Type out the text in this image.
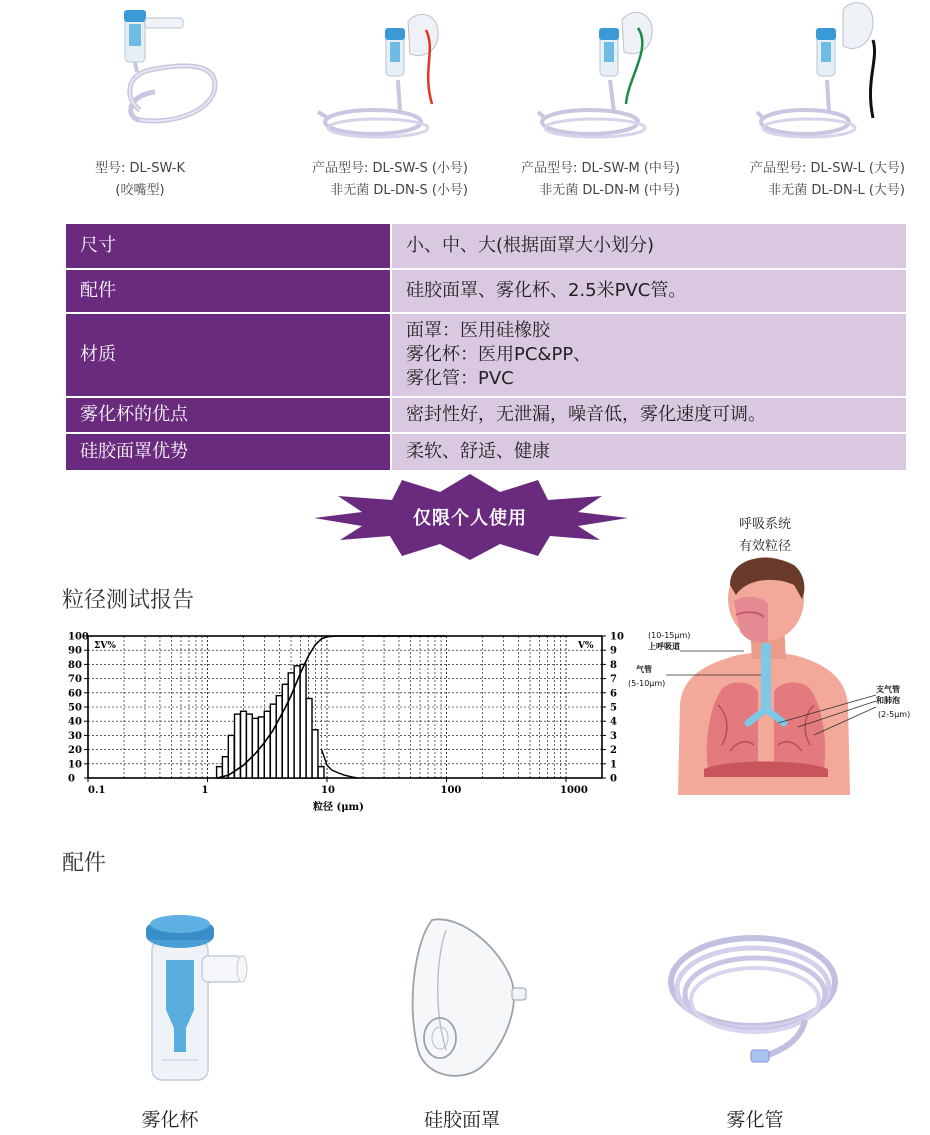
型号: DL-SW-K
(咬嘴型)
产品型号: DL-SW-S (小号)
非无菌 DL-DN-S (小号)
产品型号: DL-SW-M (中号)
非无菌 DL-DN-M (中号)
产品型号: DL-SW-L (大号)
非无菌 DL-DN-L (大号)
尺寸	小、中、大(根据面罩大小划分)

配件	硅胶面罩、雾化杯、2.5米PVC管。

材质	面罩：医用硅橡胶
雾化杯：医用PC&PP、
雾化管：PVC

雾化杯的优点	密封性好，无泄漏，噪音低，雾化速度可调。

硅胶面罩优势	柔软、舒适、健康
仅限个人使用
粒径测试报告
0
10
20
30
40
50
60
70
80
90
100
0
1
2
3
4
5
6
7
8
9
10
0.1	1	10	100	1000
ΣV%	V%
粒径 (μm)
呼吸系统
有效粒径
(10-15μm)
上呼吸道
气管
(5-10μm)
支气管
和肺泡
(2-5μm)
配件
雾化杯	硅胶面罩	雾化管
